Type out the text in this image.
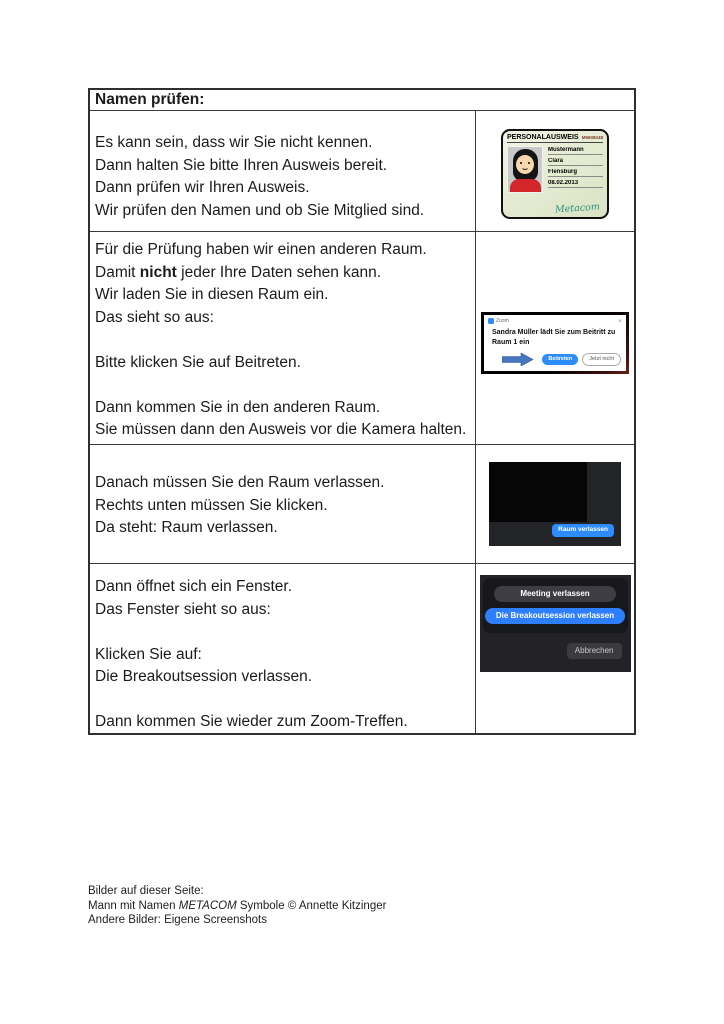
Namen prüfen:
Es kann sein, dass wir Sie nicht kennen.
Dann halten Sie bitte Ihren Ausweis bereit.
Dann prüfen wir Ihren Ausweis.
Wir prüfen den Namen und ob Sie Mitglied sind.
PERSONALAUSWEIS M6608248
Mustermann
Clara
Flensburg
08.02.2013
Metacom
Für die Prüfung haben wir einen anderen Raum.
Damit nicht jeder Ihre Daten sehen kann.
Wir laden Sie in diesen Raum ein.
Das sieht so aus:
Bitte klicken Sie auf Beitreten.
Dann kommen Sie in den anderen Raum.
Sie müssen dann den Ausweis vor die Kamera halten.
Zoom	×
Sandra Müller lädt Sie zum Beitritt zu
Raum 1 ein
Beitreten	Jetzt nicht
Danach müssen Sie den Raum verlassen.
Rechts unten müssen Sie klicken.
Da steht: Raum verlassen.	Raum verlassen
Dann öffnet sich ein Fenster.
Das Fenster sieht so aus:
Klicken Sie auf:
Die Breakoutsession verlassen.
Dann kommen Sie wieder zum Zoom-Treffen.
Meeting verlassen
Die Breakoutsession verlassen
Abbrechen
Bilder auf dieser Seite:
Mann mit Namen METACOM Symbole © Annette Kitzinger
Andere Bilder: Eigene Screenshots
